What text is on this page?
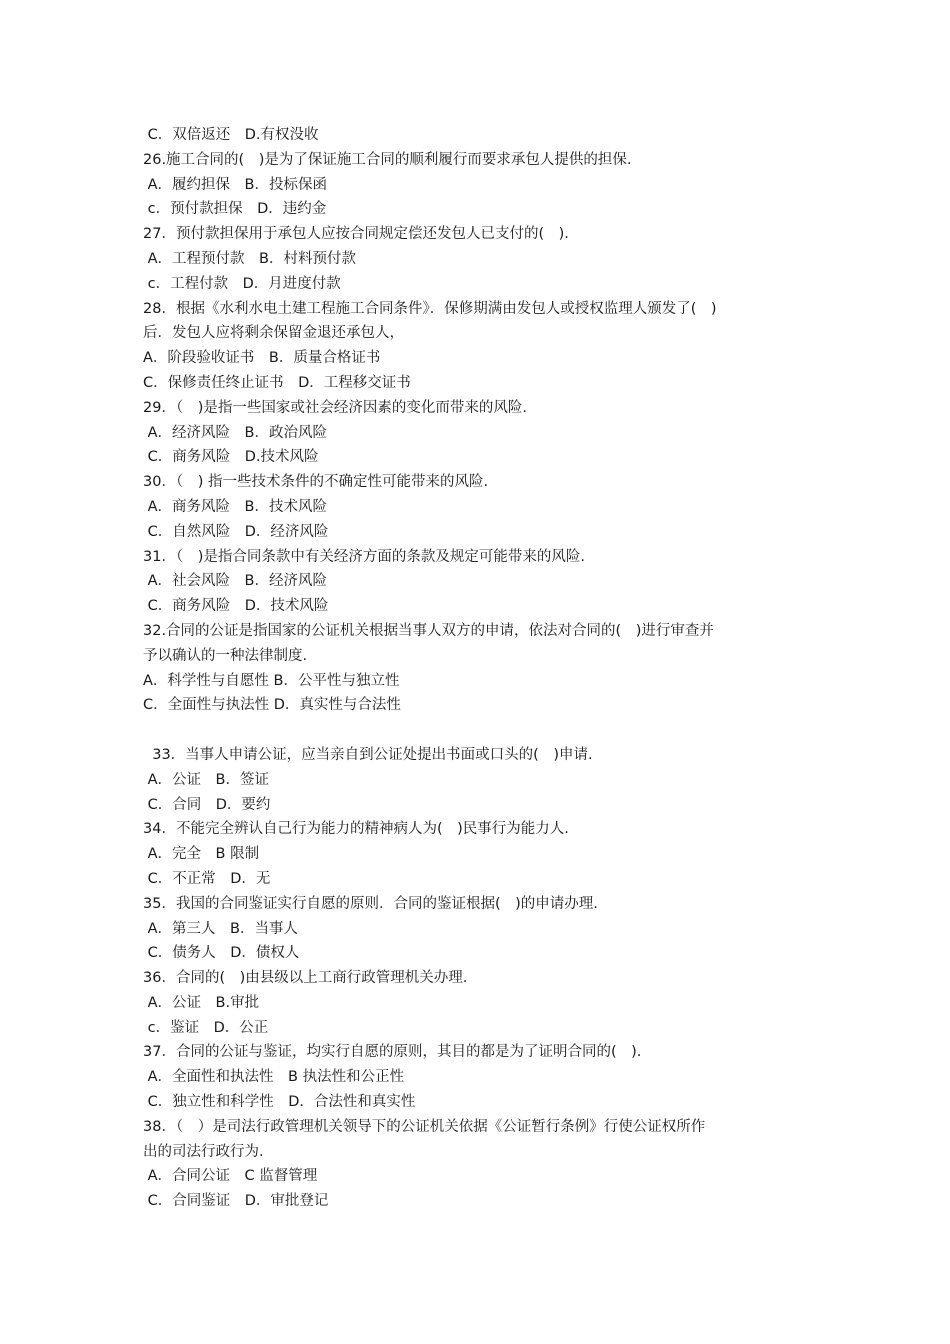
C．双倍返还　D.有权没收
26.施工合同的(　)是为了保证施工合同的顺利履行而要求承包人提供的担保.
A．履约担保　B．投标保函
c．预付款担保　D．违约金
27．预付款担保用于承包人应按合同规定偿还发包人已支付的(　).
A．工程预付款　B．村料预付款
c．工程付款　D．月进度付款
28．根据《水利水电土建工程施工合同条件》．保修期满由发包人或授权监理人颁发了(　)
后．发包人应将剩余保留金退还承包人，
A．阶段验收证书　B．质量合格证书
C．保修责任终止证书　D．工程移交证书
29．（　)是指一些国家或社会经济因素的变化而带来的风险.
A．经济风险　B．政治风险
C．商务风险　D.技术风险
30．（　) 指一些技术条件的不确定性可能带来的风险.
A．商务风险　B．技术风险
C．自然风险　D．经济风险
31．（　)是指合同条款中有关经济方面的条款及规定可能带来的风险.
A．社会风险　B．经济风险
C．商务风险　D．技术风险
32.合同的公证是指国家的公证机关根据当事人双方的申请，依法对合同的(　)进行审查并
予以确认的一种法律制度.
A．科学性与自愿性 B．公平性与独立性
C．全面性与执法性 D．真实性与合法性
33．当事人申请公证，应当亲自到公证处提出书面或口头的(　)申请.
A．公证　B．签证
C．合同　D．要约
34．不能完全辨认自己行为能力的精神病人为(　)民事行为能力人.
A．完全　B 限制
C．不正常　D．无
35．我国的合同鉴证实行自愿的原则．合同的鉴证根据(　)的申请办理.
A．第三人　B．当事人
C．债务人　D．债权人
36．合同的(　)由县级以上工商行政管理机关办理.
A．公证　B.审批
c．鉴证　D．公正
37．合同的公证与鉴证，均实行自愿的原则，其目的都是为了证明合同的(　).
A．全面性和执法性　B 执法性和公正性
C．独立性和科学性　D．合法性和真实性
38．（　）是司法行政管理机关领导下的公证机关依据《公证暂行条例》行使公证权所作
出的司法行政行为.
A．合同公证　C 监督管理
C．合同鉴证　D．审批登记
